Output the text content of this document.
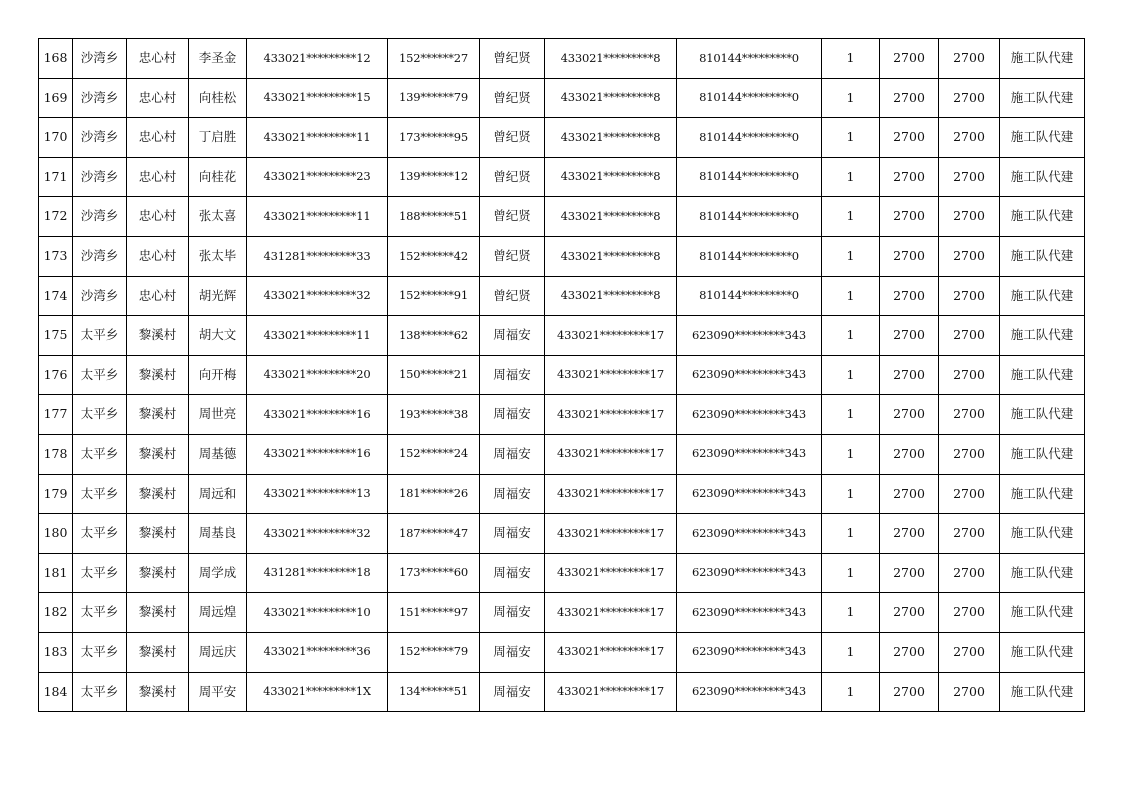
168	沙湾乡	忠心村	李圣金	433021*********12	152******27	曾纪贤	433021*********8	810144*********0	1	2700	2700	施工队代建
169	沙湾乡	忠心村	向桂松	433021*********15	139******79	曾纪贤	433021*********8	810144*********0	1	2700	2700	施工队代建
170	沙湾乡	忠心村	丁启胜	433021*********11	173******95	曾纪贤	433021*********8	810144*********0	1	2700	2700	施工队代建
171	沙湾乡	忠心村	向桂花	433021*********23	139******12	曾纪贤	433021*********8	810144*********0	1	2700	2700	施工队代建
172	沙湾乡	忠心村	张太喜	433021*********11	188******51	曾纪贤	433021*********8	810144*********0	1	2700	2700	施工队代建
173	沙湾乡	忠心村	张太毕	431281*********33	152******42	曾纪贤	433021*********8	810144*********0	1	2700	2700	施工队代建
174	沙湾乡	忠心村	胡光辉	433021*********32	152******91	曾纪贤	433021*********8	810144*********0	1	2700	2700	施工队代建
175	太平乡	黎溪村	胡大文	433021*********11	138******62	周福安	433021*********17	623090*********343	1	2700	2700	施工队代建
176	太平乡	黎溪村	向开梅	433021*********20	150******21	周福安	433021*********17	623090*********343	1	2700	2700	施工队代建
177	太平乡	黎溪村	周世亮	433021*********16	193******38	周福安	433021*********17	623090*********343	1	2700	2700	施工队代建
178	太平乡	黎溪村	周基德	433021*********16	152******24	周福安	433021*********17	623090*********343	1	2700	2700	施工队代建
179	太平乡	黎溪村	周远和	433021*********13	181******26	周福安	433021*********17	623090*********343	1	2700	2700	施工队代建
180	太平乡	黎溪村	周基良	433021*********32	187******47	周福安	433021*********17	623090*********343	1	2700	2700	施工队代建
181	太平乡	黎溪村	周学成	431281*********18	173******60	周福安	433021*********17	623090*********343	1	2700	2700	施工队代建
182	太平乡	黎溪村	周远煌	433021*********10	151******97	周福安	433021*********17	623090*********343	1	2700	2700	施工队代建
183	太平乡	黎溪村	周远庆	433021*********36	152******79	周福安	433021*********17	623090*********343	1	2700	2700	施工队代建
184	太平乡	黎溪村	周平安	433021*********1X	134******51	周福安	433021*********17	623090*********343	1	2700	2700	施工队代建
